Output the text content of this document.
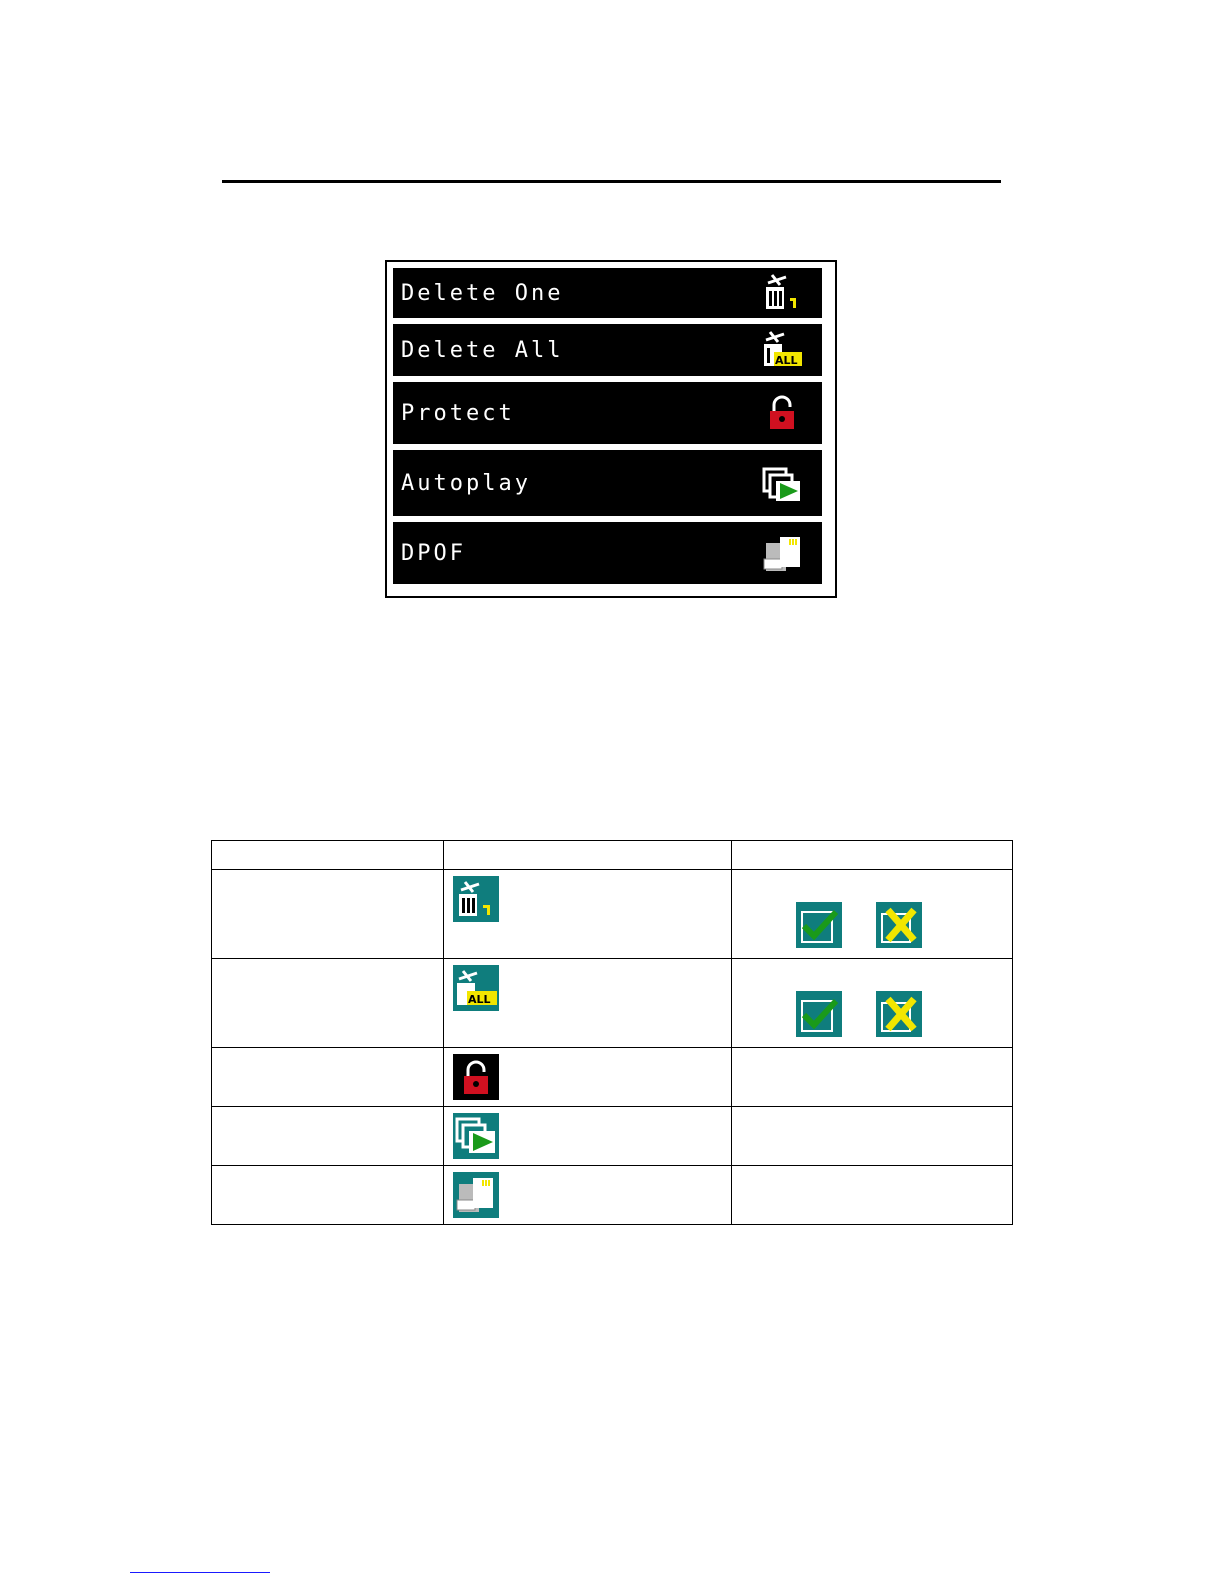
Delete One
Delete All	ALL
Protect
Autoplay
DPOF

ALL
